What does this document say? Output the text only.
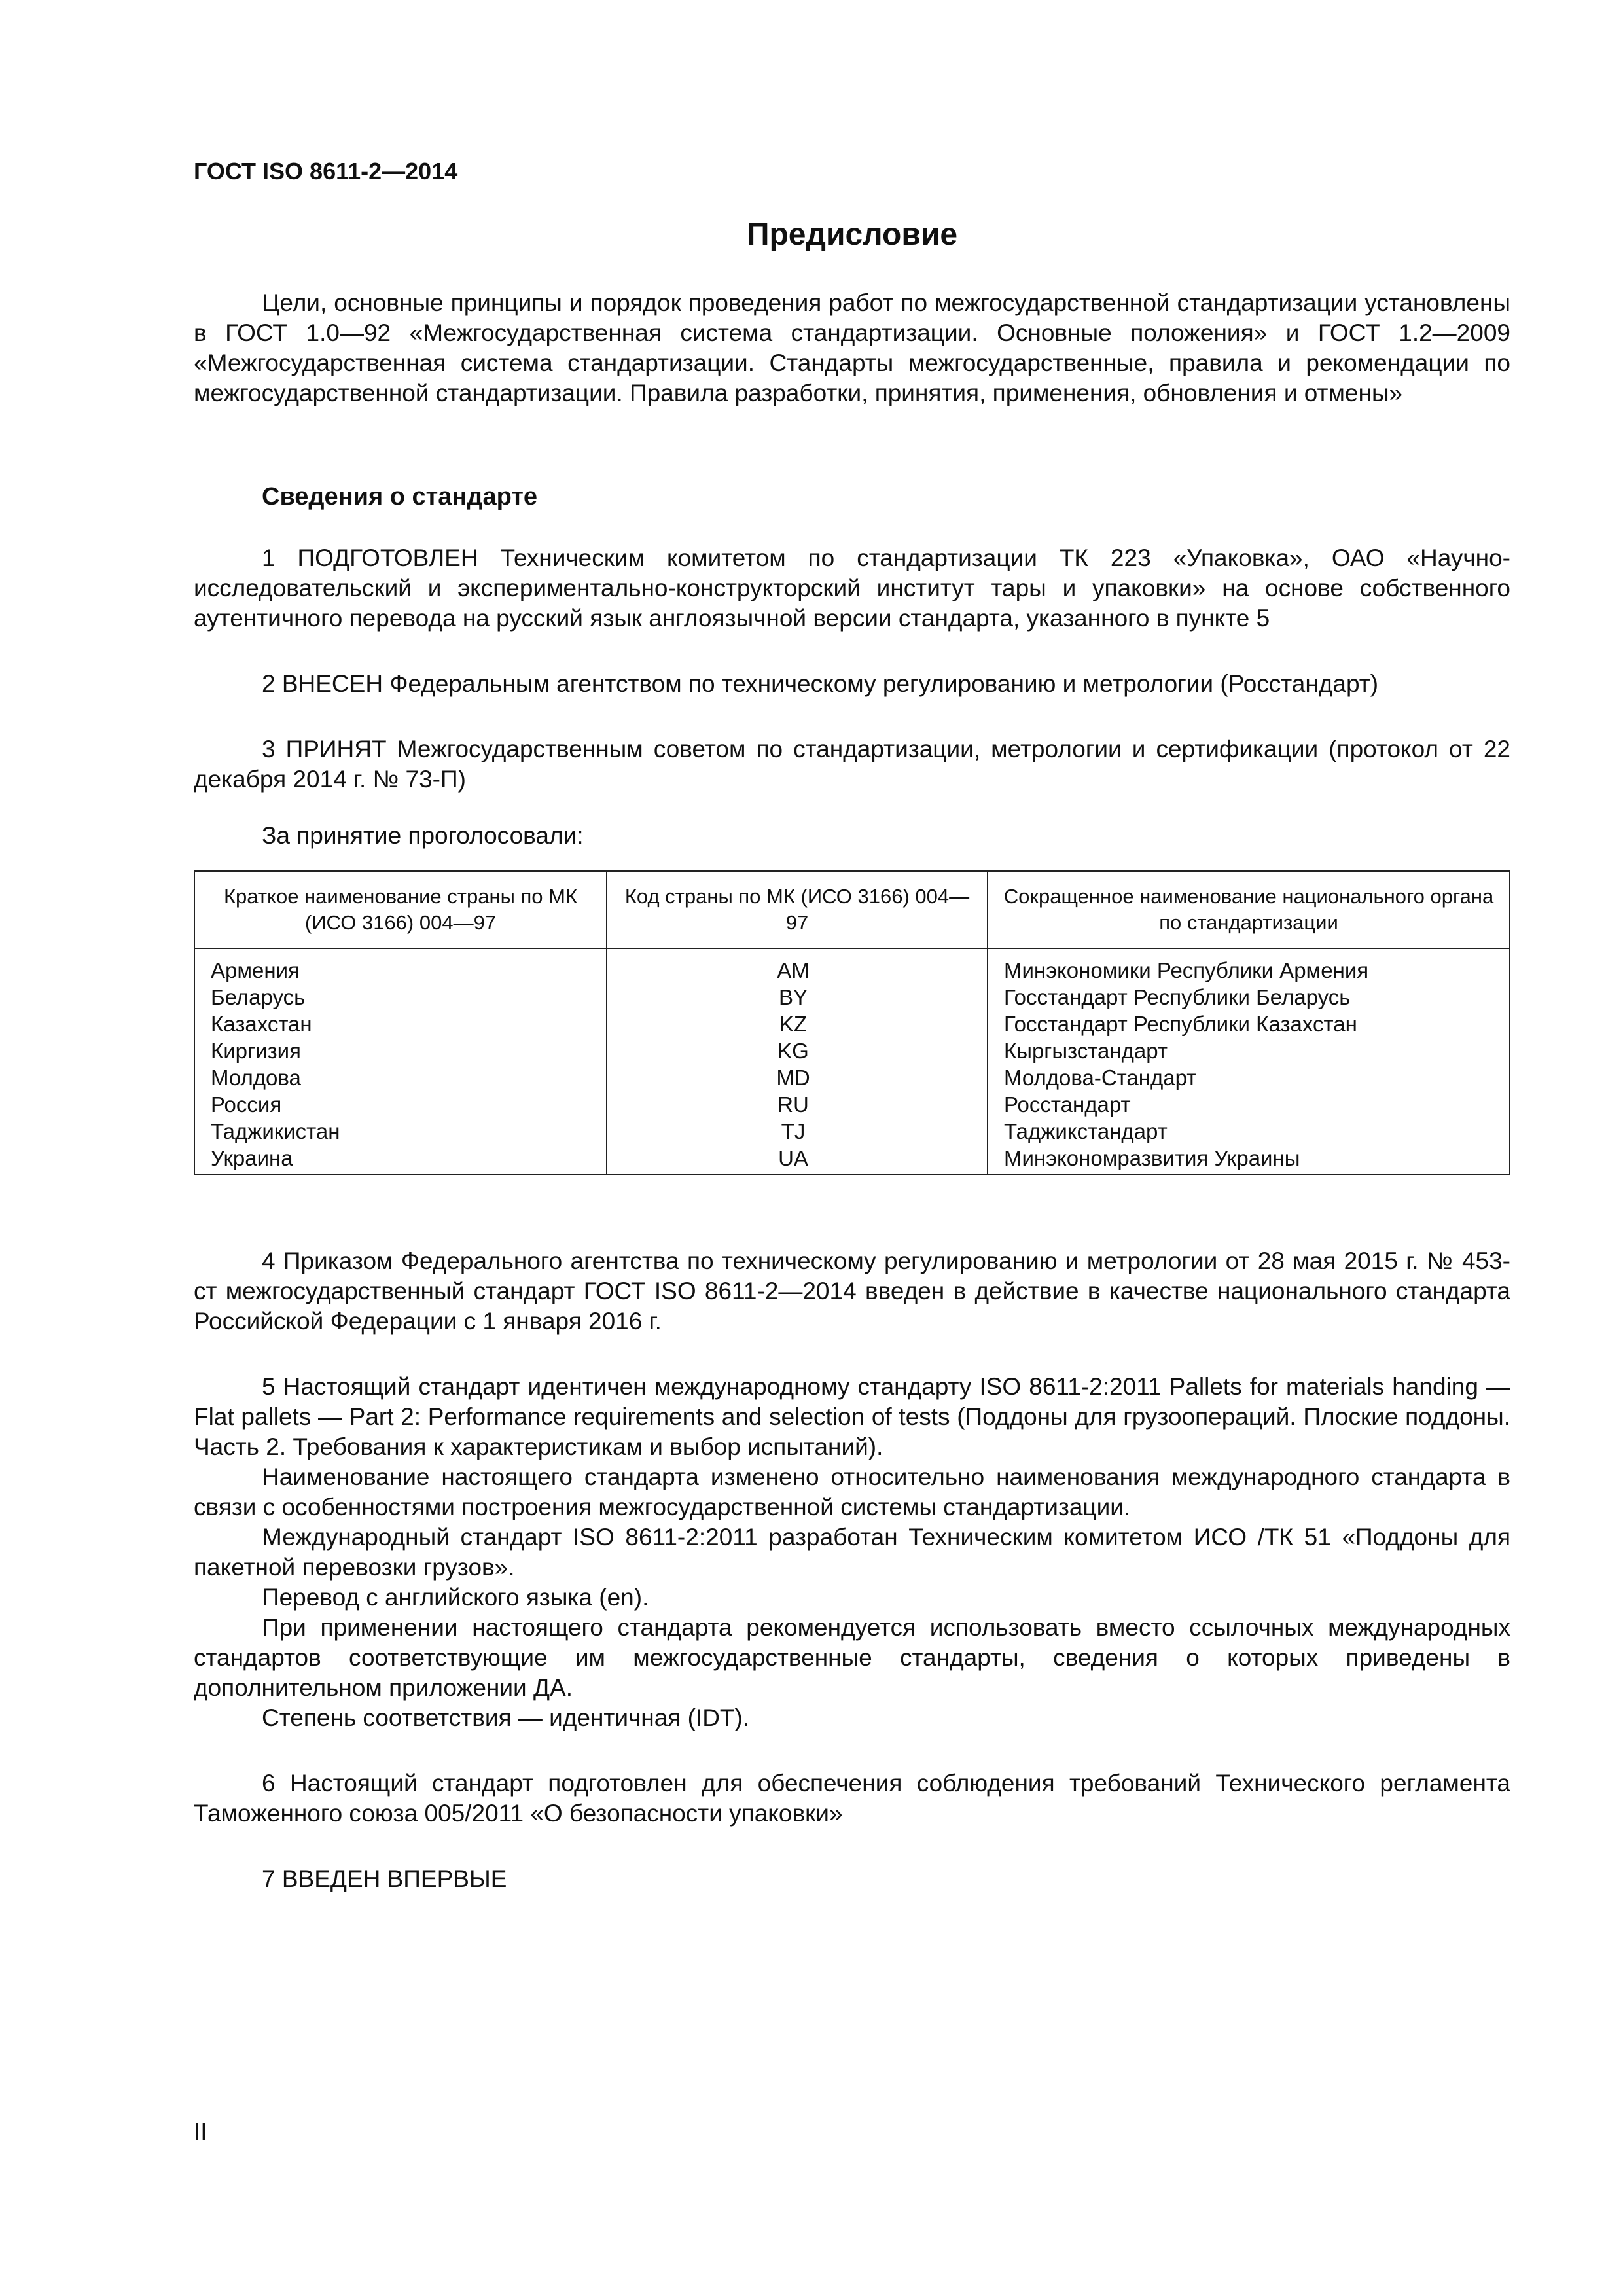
ГОСТ ISO 8611-2—2014
Предисловие

Цели, основные принципы и порядок проведения работ по межгосударственной стандартизации установлены в ГОСТ 1.0—92 «Межгосударственная система стандартизации. Основные положения» и ГОСТ 1.2—2009 «Межгосударственная система стандартизации. Стандарты межгосударственные, правила и рекомендации по межгосударственной стандартизации. Правила разработки, принятия, применения, обновления и отмены»

Сведения о стандарте

1 ПОДГОТОВЛЕН Техническим комитетом по стандартизации ТК 223 «Упаковка», ОАО «Научно-исследовательский и экспериментально-конструкторский институт тары и упаковки» на основе собственного аутентичного перевода на русский язык англоязычной версии стандарта, указанного в пункте 5

2 ВНЕСЕН Федеральным агентством по техническому регулированию и метрологии (Росстандарт)

3 ПРИНЯТ Межгосударственным советом по стандартизации, метрологии и сертификации (протокол от 22 декабря 2014 г. № 73-П)

За принятие проголосовали:
Краткое наименование страны по МК (ИСО 3166) 004—97	Код страны по МК (ИСО 3166) 004—97	Сокращенное наименование национального органа по стандартизации
Армения	AM	Минэкономики Республики Армения
Беларусь	BY	Госстандарт Республики Беларусь
Казахстан	KZ	Госстандарт Республики Казахстан
Киргизия	KG	Кыргызстандарт
Молдова	MD	Молдова-Стандарт
Россия	RU	Росстандарт
Таджикистан	TJ	Таджикстандарт
Украина	UA	Минэкономразвития Украины

4 Приказом Федерального агентства по техническому регулированию и метрологии от 28 мая 2015 г. № 453-ст межгосударственный стандарт ГОСТ ISO 8611-2—2014 введен в действие в качестве национального стандарта Российской Федерации с 1 января 2016 г.

5 Настоящий стандарт идентичен международному стандарту ISO 8611-2:2011 Pallets for materials handing — Flat pallets — Part 2: Performance requirements and selection of tests (Поддоны для грузоопераций. Плоские поддоны. Часть 2. Требования к характеристикам и выбор испытаний).

Наименование настоящего стандарта изменено относительно наименования международного стандарта в связи с особенностями построения межгосударственной системы стандартизации.

Международный стандарт ISO 8611-2:2011 разработан Техническим комитетом ИСО /ТК 51 «Поддоны для пакетной перевозки грузов».

Перевод с английского языка (en).

При применении настоящего стандарта рекомендуется использовать вместо ссылочных международных стандартов соответствующие им межгосударственные стандарты, сведения о которых приведены в дополнительном приложении ДА.

Степень соответствия — идентичная (IDT).

6 Настоящий стандарт подготовлен для обеспечения соблюдения требований Технического регламента Таможенного союза 005/2011 «О безопасности упаковки»

7 ВВЕДЕН ВПЕРВЫЕ

II
